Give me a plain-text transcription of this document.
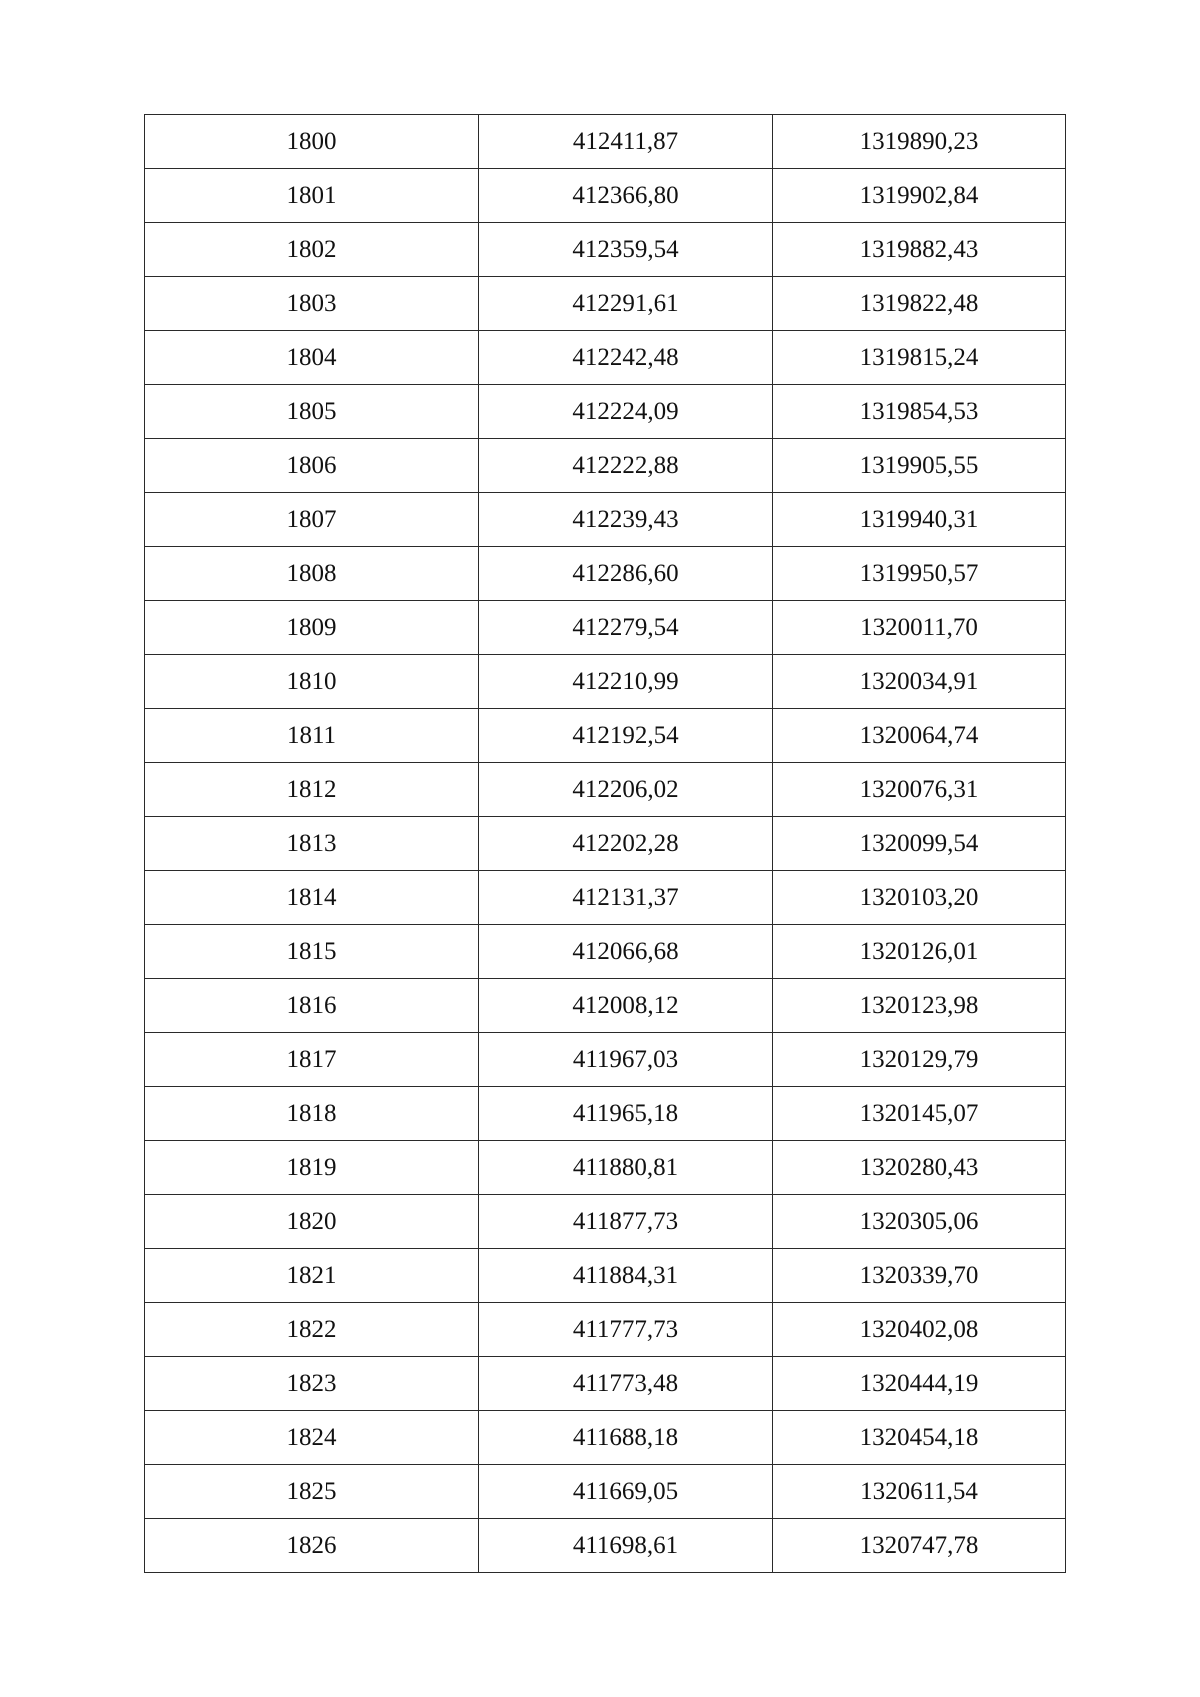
1800	412411,87	1319890,23
1801	412366,80	1319902,84
1802	412359,54	1319882,43
1803	412291,61	1319822,48
1804	412242,48	1319815,24
1805	412224,09	1319854,53
1806	412222,88	1319905,55
1807	412239,43	1319940,31
1808	412286,60	1319950,57
1809	412279,54	1320011,70
1810	412210,99	1320034,91
1811	412192,54	1320064,74
1812	412206,02	1320076,31
1813	412202,28	1320099,54
1814	412131,37	1320103,20
1815	412066,68	1320126,01
1816	412008,12	1320123,98
1817	411967,03	1320129,79
1818	411965,18	1320145,07
1819	411880,81	1320280,43
1820	411877,73	1320305,06
1821	411884,31	1320339,70
1822	411777,73	1320402,08
1823	411773,48	1320444,19
1824	411688,18	1320454,18
1825	411669,05	1320611,54
1826	411698,61	1320747,78
